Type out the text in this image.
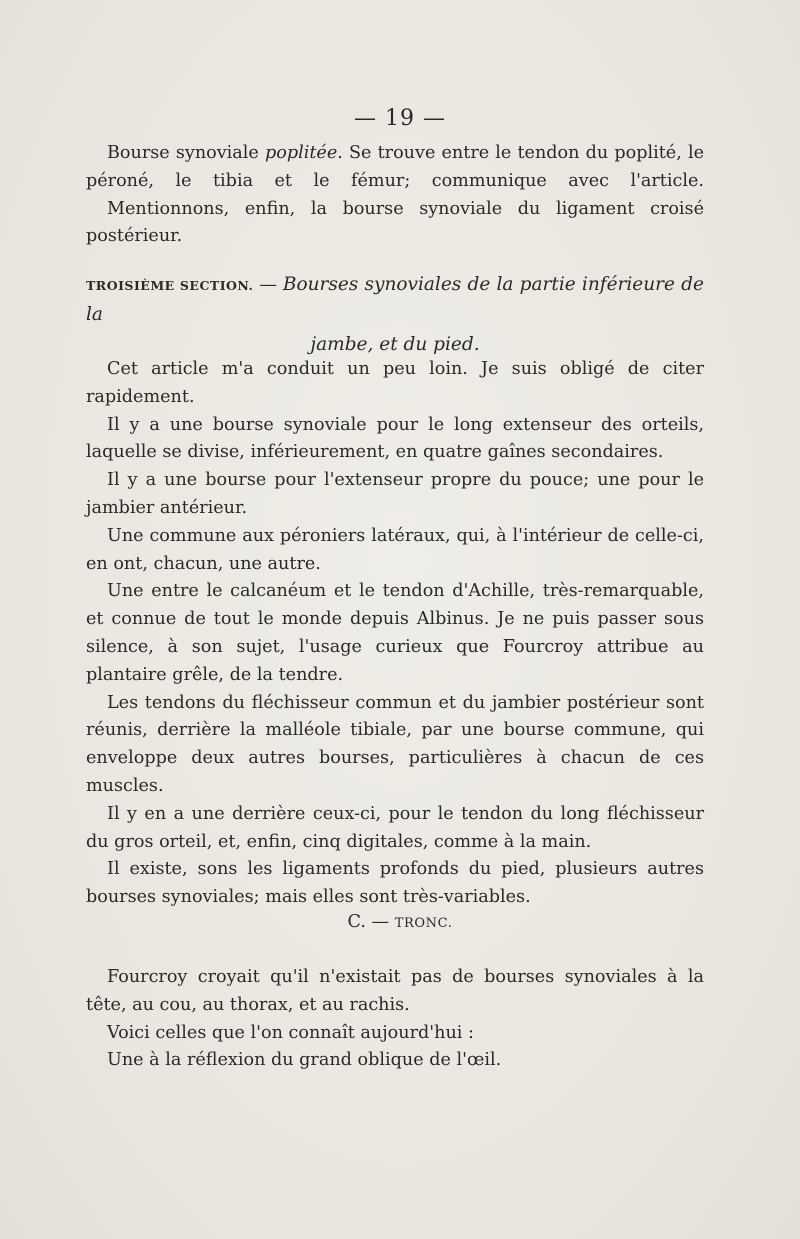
— 19 —

Bourse synoviale poplitée. Se trouve entre le tendon du poplité, le péroné, le tibia et le fémur; communique avec l'article.

Mentionnons, enfin, la bourse synoviale du ligament croisé postérieur.

TROISIÈME SECTION. — Bourses synoviales de la partie inférieure de la
jambe, et du pied.

Cet article m'a conduit un peu loin. Je suis obligé de citer rapidement.

Il y a une bourse synoviale pour le long extenseur des orteils, laquelle se divise, inférieurement, en quatre gaînes secondaires.

Il y a une bourse pour l'extenseur propre du pouce; une pour le jambier antérieur.

Une commune aux péroniers latéraux, qui, à l'intérieur de celle-ci, en ont, chacun, une autre.

Une entre le calcanéum et le tendon d'Achille, très-remarquable, et connue de tout le monde depuis Albinus. Je ne puis passer sous silence, à son sujet, l'usage curieux que Fourcroy attribue au plantaire grêle, de la tendre.

Les tendons du fléchisseur commun et du jambier postérieur sont réunis, derrière la malléole tibiale, par une bourse commune, qui enveloppe deux autres bourses, particulières à chacun de ces muscles.

Il y en a une derrière ceux-ci, pour le tendon du long fléchisseur du gros orteil, et, enfin, cinq digitales, comme à la main.

Il existe, sons les ligaments profonds du pied, plusieurs autres bourses synoviales; mais elles sont très-variables.

C. — TRONC.

Fourcroy croyait qu'il n'existait pas de bourses synoviales à la tête, au cou, au thorax, et au rachis.

Voici celles que l'on connaît aujourd'hui :

Une à la réflexion du grand oblique de l'œil.
